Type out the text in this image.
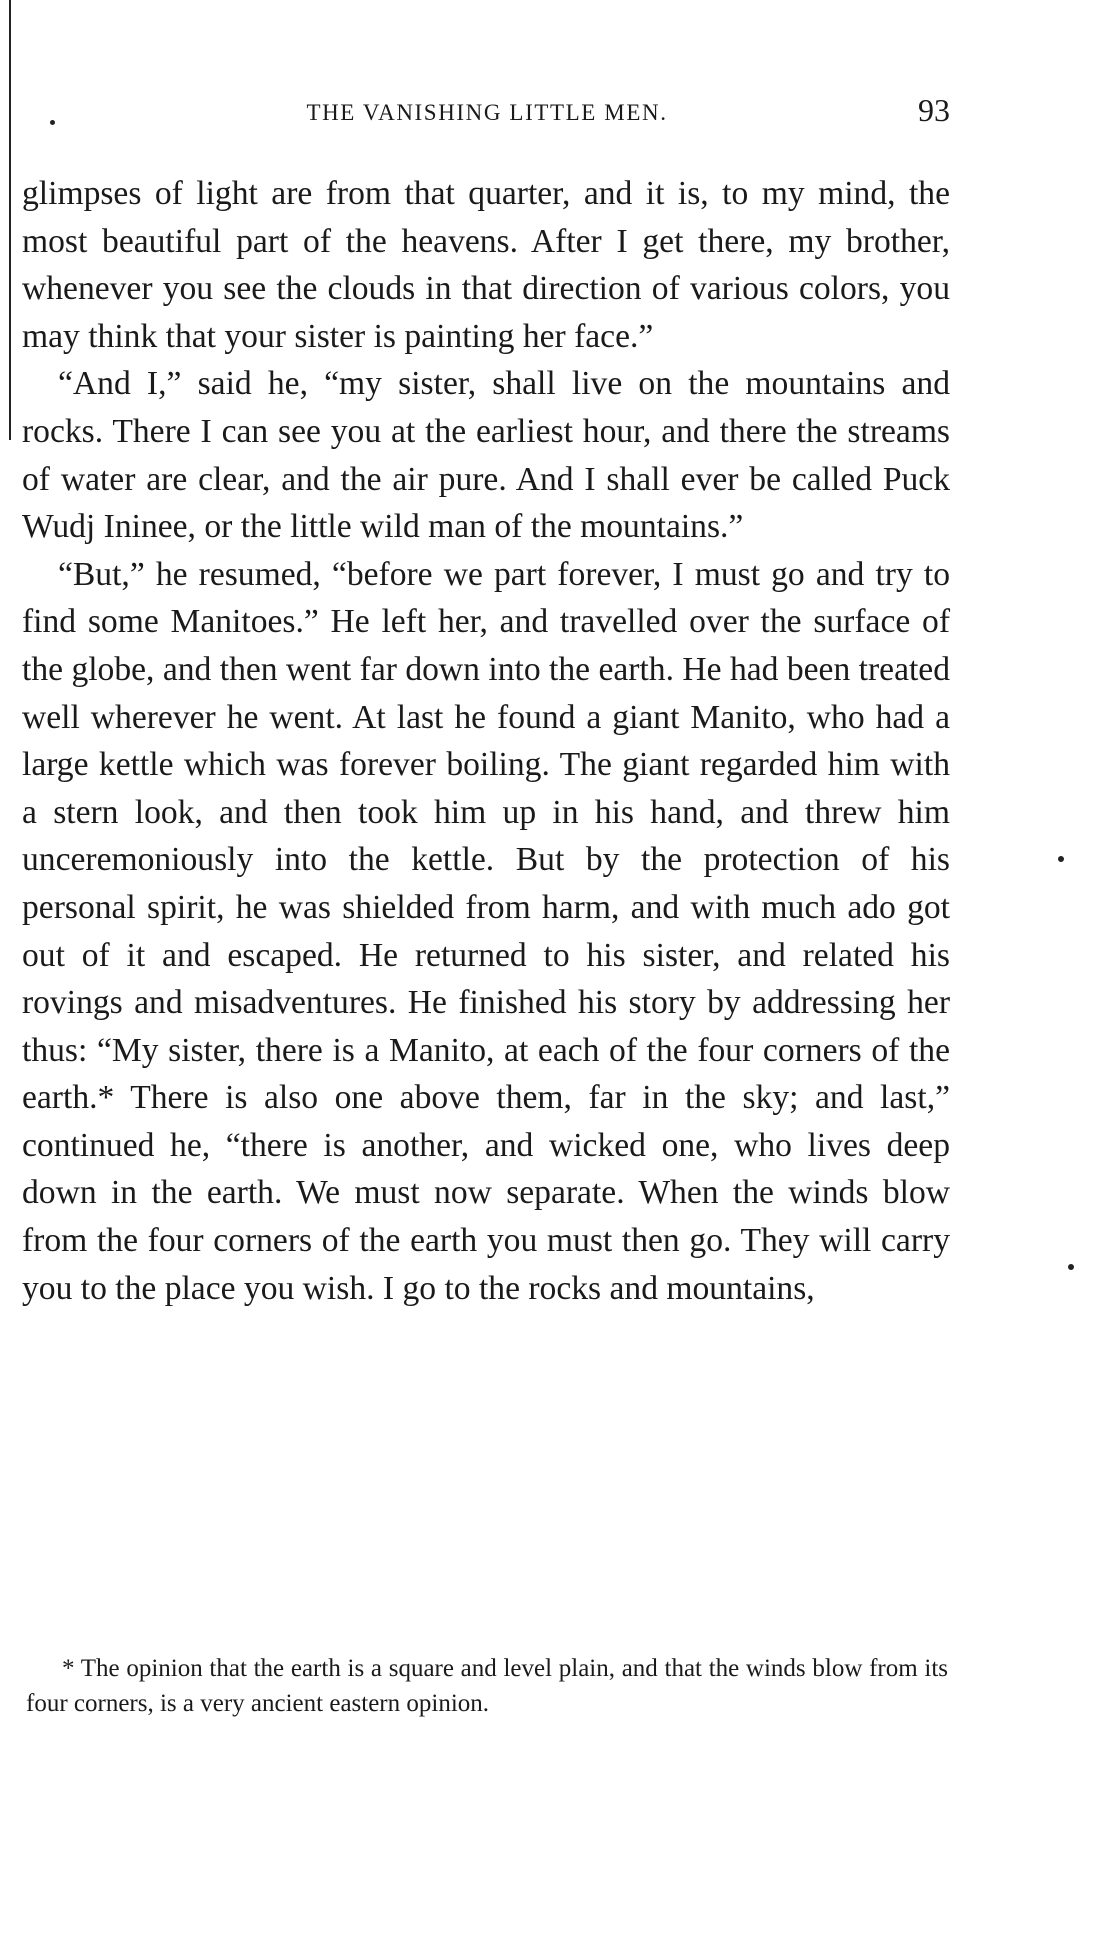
THE VANISHING LITTLE MEN.	93

glimpses of light are from that quarter, and it is, to my mind, the most beautiful part of the heavens. After I get there, my brother, whenever you see the clouds in that direction of various colors, you may think that your sister is painting her face.”

“And I,” said he, “my sister, shall live on the mountains and rocks. There I can see you at the earliest hour, and there the streams of water are clear, and the air pure. And I shall ever be called Puck Wudj Ininee, or the little wild man of the mountains.”

“But,” he resumed, “before we part forever, I must go and try to find some Manitoes.” He left her, and travelled over the surface of the globe, and then went far down into the earth. He had been treated well wherever he went. At last he found a giant Manito, who had a large kettle which was forever boiling. The giant regarded him with a stern look, and then took him up in his hand, and threw him unceremoniously into the kettle. But by the protection of his personal spirit, he was shielded from harm, and with much ado got out of it and escaped. He returned to his sister, and related his rovings and misadventures. He finished his story by addressing her thus: “My sister, there is a Manito, at each of the four corners of the earth.* There is also one above them, far in the sky; and last,” continued he, “there is another, and wicked one, who lives deep down in the earth. We must now separate. When the winds blow from the four corners of the earth you must then go. They will carry you to the place you wish. I go to the rocks and mountains,

* The opinion that the earth is a square and level plain, and that the winds blow from its four corners, is a very ancient eastern opinion.
